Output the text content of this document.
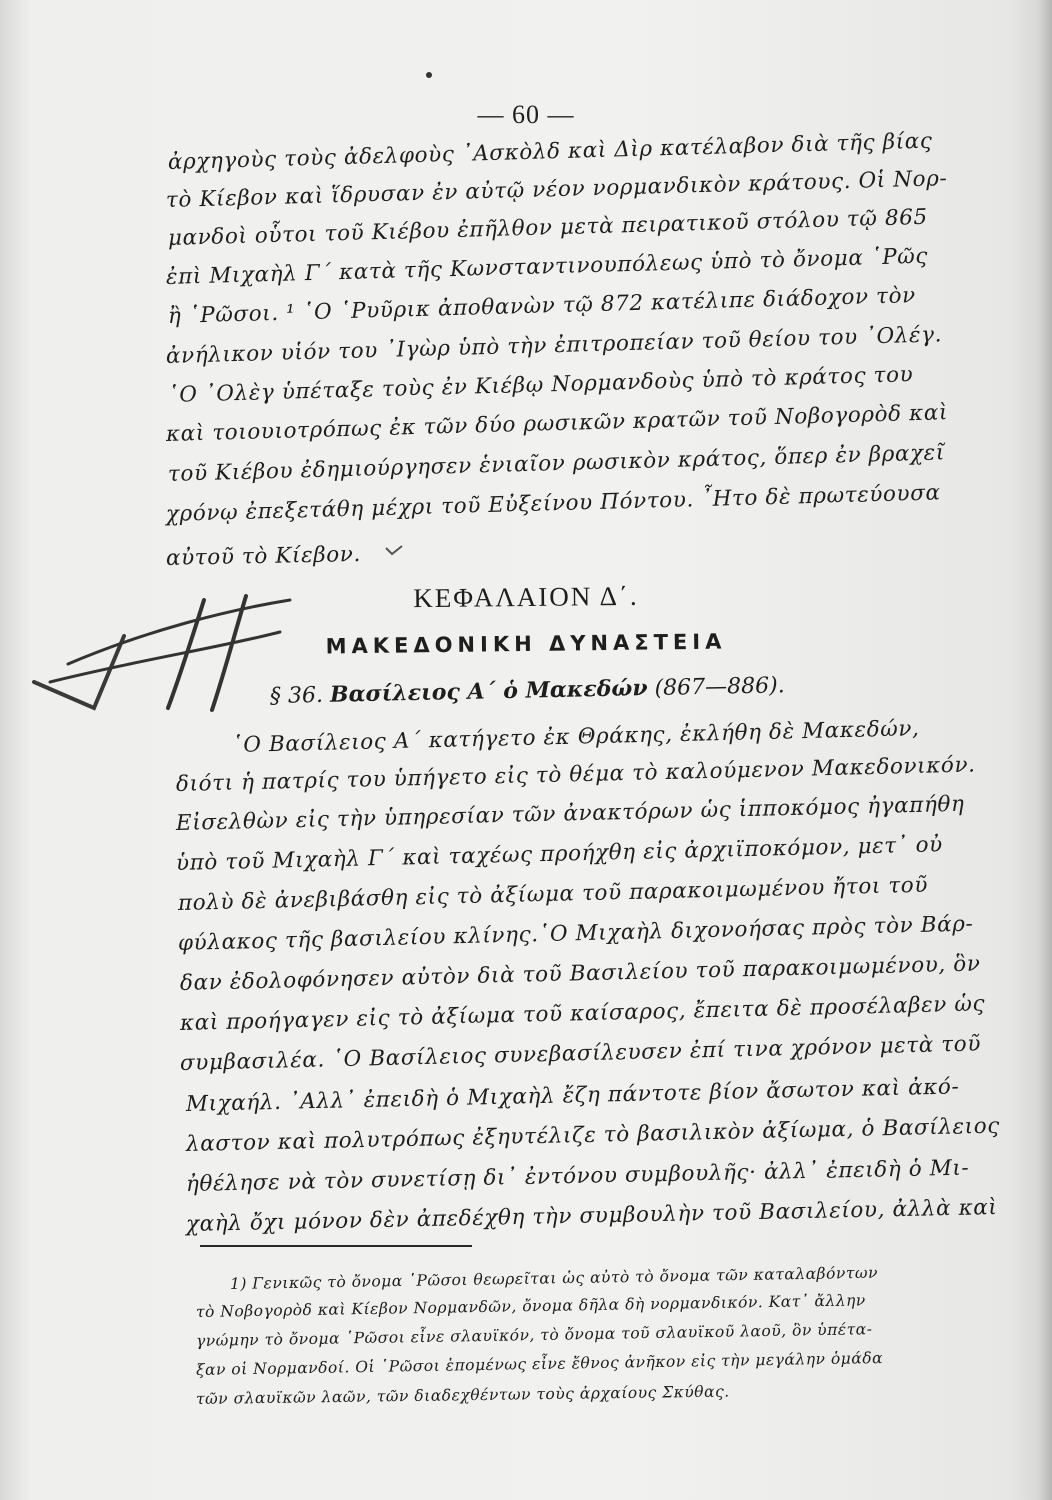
— 60 —
ἀρχηγοὺς τοὺς ἀδελφοὺς ᾿Ασκὸλδ καὶ Δὶρ κατέλαβον διὰ τῆς βίας
τὸ Κίεβον καὶ ἵδρυσαν ἐν αὐτῷ νέον νορμανδικὸν κράτους. Οἱ Νορ-
μανδοὶ οὗτοι τοῦ Κιέβου ἐπῆλθον μετὰ πειρατικοῦ στόλου τῷ 865
ἐπὶ Μιχαὴλ Γ΄ κατὰ τῆς Κωνσταντινουπόλεως ὑπὸ τὸ ὄνομα ῾Ρῶς
ἢ ῾Ρῶσοι. ¹ ῾Ο ῾Ρυῦρικ ἀποθανὼν τῷ 872 κατέλιπε διάδοχον τὸν
ἀνήλικον υἱόν του ᾿Ιγὼρ ὑπὸ τὴν ἐπιτροπείαν τοῦ θείου του ᾿Ολέγ.
῾Ο ᾿Ολὲγ ὑπέταξε τοὺς ἐν Κιέβῳ Νορμανδοὺς ὑπὸ τὸ κράτος του
καὶ τοιουιοτρόπως ἐκ τῶν δύο ρωσικῶν κρατῶν τοῦ Νοβογορὸδ καὶ
τοῦ Κιέβου ἐδημιούργησεν ἑνιαῖον ρωσικὸν κράτος, ὅπερ ἐν βραχεῖ
χρόνῳ ἐπεξετάθη μέχρι τοῦ Εὐξείνου Πόντου. ῏Ητο δὲ πρωτεύουσα
αὐτοῦ τὸ Κίεβον.
ΚΕΦΑΛΑΙΟΝ Δ΄.
ΜΑΚΕΔΟΝΙΚΗ ΔΥΝΑΣΤΕΙΑ
§ 36. Βασίλειος Α΄ ὁ Μακεδών (867—886).
῾Ο Βασίλειος Α΄ κατήγετο ἐκ Θράκης, ἐκλήθη δὲ Μακεδών,
διότι ἡ πατρίς του ὑπήγετο εἰς τὸ θέμα τὸ καλούμενον Μακεδονικόν.
Εἰσελθὼν εἰς τὴν ὑπηρεσίαν τῶν ἀνακτόρων ὡς ἱπποκόμος ἠγαπήθη
ὑπὸ τοῦ Μιχαὴλ Γ΄ καὶ ταχέως προήχθη εἰς ἀρχιϊποκόμον, μετ᾿ οὐ
πολὺ δὲ ἀνεβιβάσθη εἰς τὸ ἀξίωμα τοῦ παρακοιμωμένου ἤτοι τοῦ
φύλακος τῆς βασιλείου κλίνης.῾Ο Μιχαὴλ διχονοήσας πρὸς τὸν Βάρ-
δαν ἐδολοφόνησεν αὐτὸν διὰ τοῦ Βασιλείου τοῦ παρακοιμωμένου, ὃν
καὶ προήγαγεν εἰς τὸ ἀξίωμα τοῦ καίσαρος, ἔπειτα δὲ προσέλαβεν ὡς
συμβασιλέα. ῾Ο Βασίλειος συνεβασίλευσεν ἐπί τινα χρόνον μετὰ τοῦ
Μιχαήλ. ᾿Αλλ᾿ ἐπειδὴ ὁ Μιχαὴλ ἔζη πάντοτε βίον ἄσωτον καὶ ἀκό-
λαστον καὶ πολυτρόπως ἐξηυτέλιζε τὸ βασιλικὸν ἀξίωμα, ὁ Βασίλειος
ἠθέλησε νὰ τὸν συνετίσῃ δι᾿ ἐντόνου συμβουλῆς· ἀλλ᾿ ἐπειδὴ ὁ Μι-
χαὴλ ὄχι μόνον δὲν ἀπεδέχθη τὴν συμβουλὴν τοῦ Βασιλείου, ἀλλὰ καὶ
1) Γενικῶς τὸ ὄνομα ῾Ρῶσοι θεωρεῖται ὡς αὐτὸ τὸ ὄνομα τῶν καταλαβόντων
τὸ Νοβογορὸδ καὶ Κίεβον Νορμανδῶν, ὄνομα δῆλα δὴ νορμανδικόν. Κατ᾿ ἄλλην
γνώμην τὸ ὄνομα ῾Ρῶσοι εἶνε σλαυϊκόν, τὸ ὄνομα τοῦ σλαυϊκοῦ λαοῦ, ὃν ὑπέτα-
ξαν οἱ Νορμανδοί. Οἱ ῾Ρῶσοι ἑπομένως εἶνε ἔθνος ἀνῆκον εἰς τὴν μεγάλην ὁμάδα
τῶν σλαυϊκῶν λαῶν, τῶν διαδεχθέντων τοὺς ἀρχαίους Σκύθας.
